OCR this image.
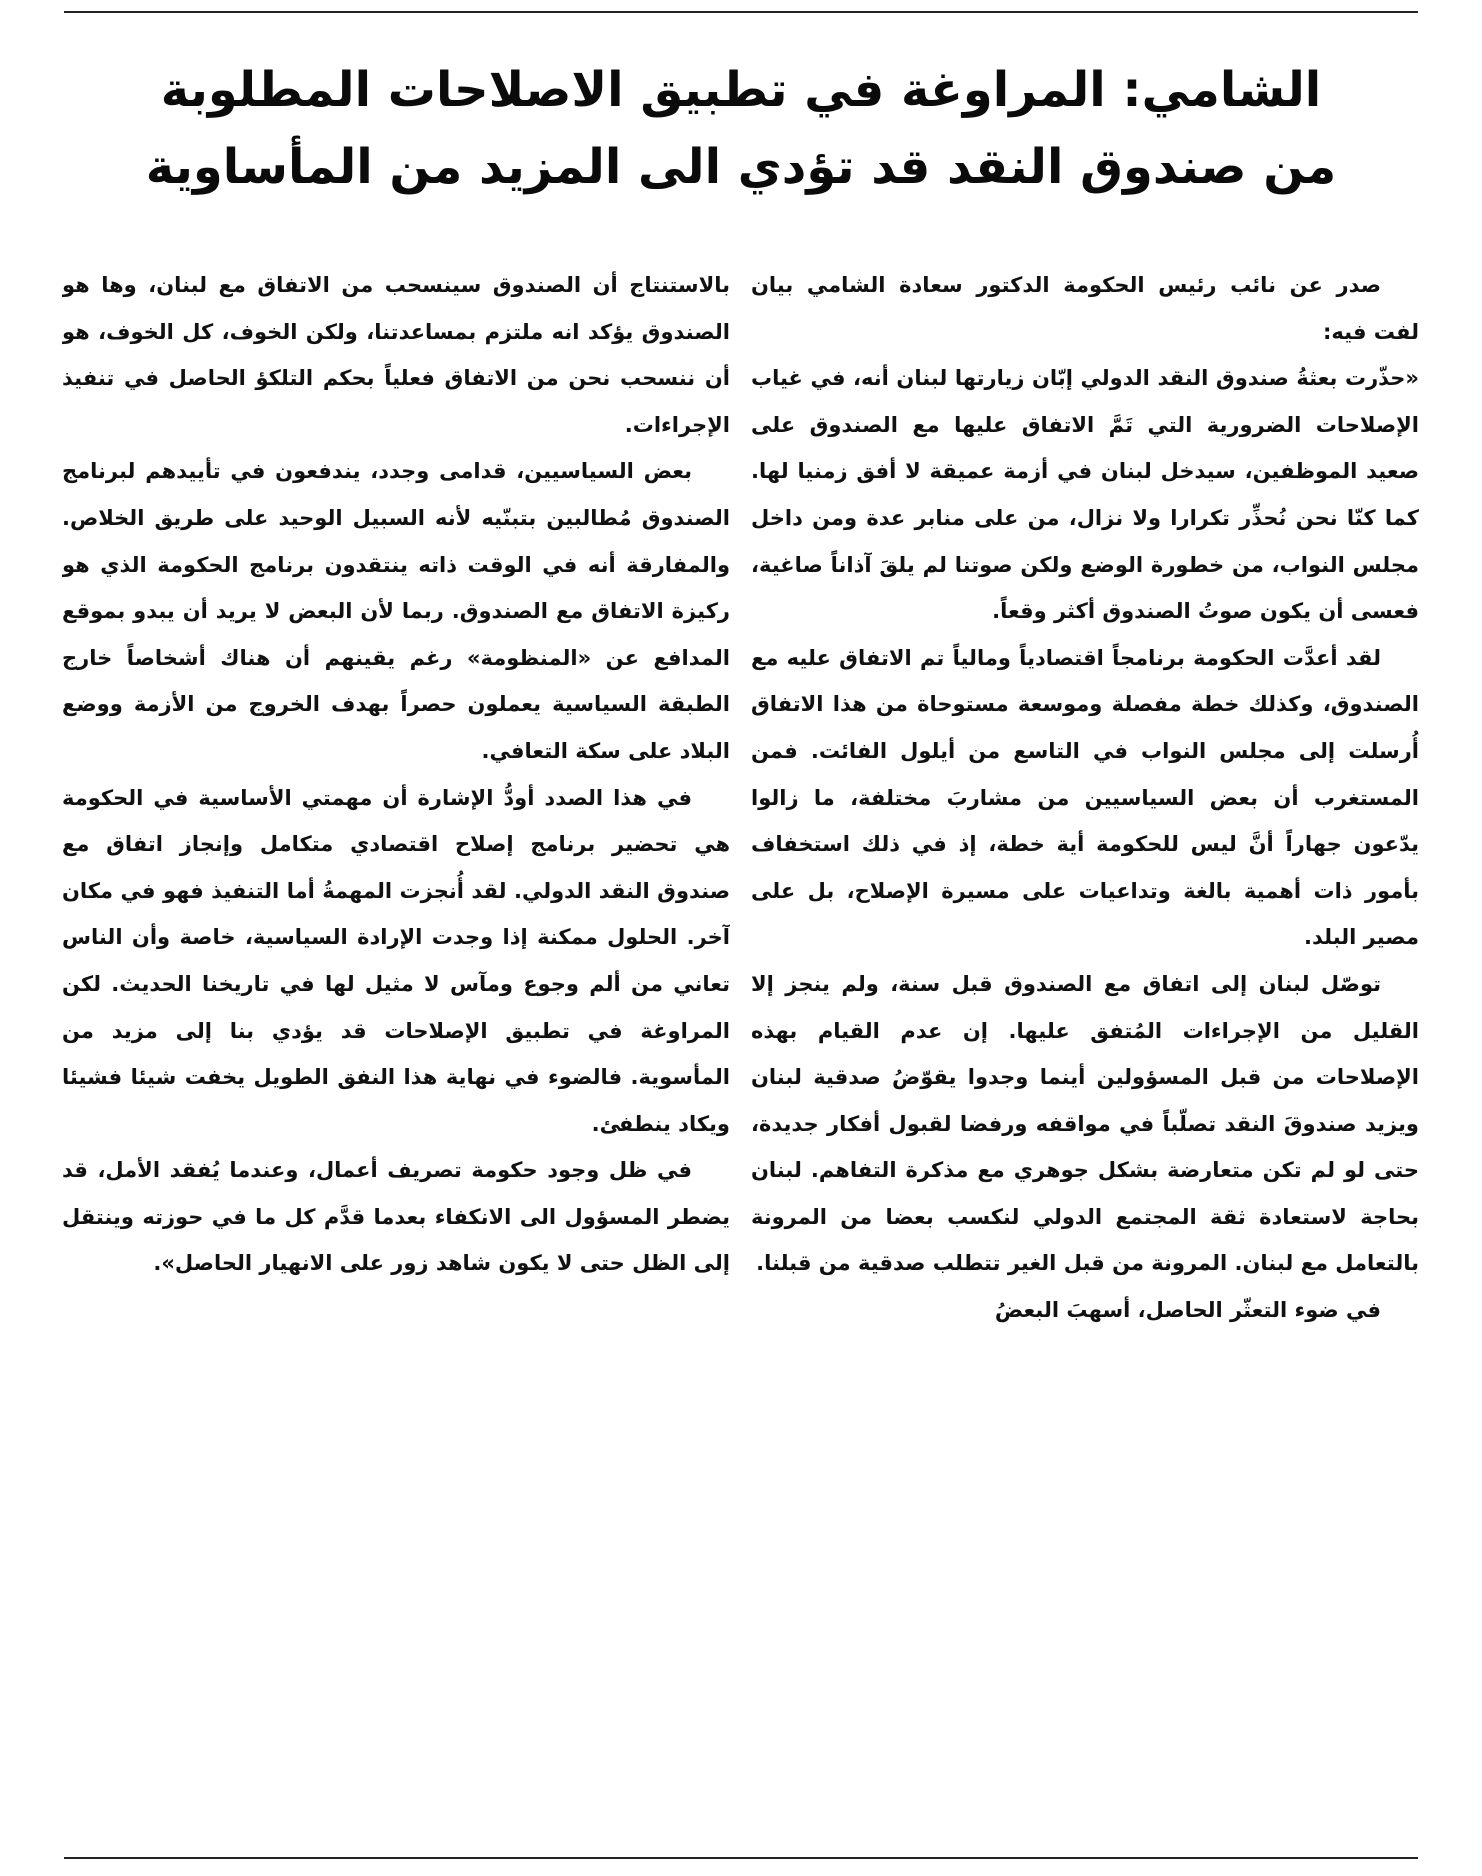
الشامي: المراوغة في تطبيق الاصلاحات المطلوبة
من صندوق النقد قد تؤدي الى المزيد من المأساوية

صدر عن نائب رئيس الحكومة الدكتور سعادة الشامي بيان لفت فيه:

«حذّرت بعثةُ صندوق النقد الدولي إبّان زيارتها لبنان أنه، في غياب الإصلاحات الضرورية التي تَمَّ الاتفاق عليها مع الصندوق على صعيد الموظفين، سيدخل لبنان في أزمة عميقة لا أفق زمنيا لها. كما كنّا نحن نُحذِّر تكرارا ولا نزال، من على منابر عدة ومن داخل مجلس النواب، من خطورة الوضع ولكن صوتنا لم يلقَ آذاناً صاغية، فعسى أن يكون صوتُ الصندوق أكثر وقعاً.

لقد أعدَّت الحكومة برنامجاً اقتصادياً ومالياً تم الاتفاق عليه مع الصندوق، وكذلك خطة مفصلة وموسعة مستوحاة من هذا الاتفاق أُرسلت إلى مجلس النواب في التاسع من أيلول الفائت. فمن المستغرب أن بعض السياسيين من مشاربَ مختلفة، ما زالوا يدّعون جهاراً أنَّ ليس للحكومة أية خطة، إذ في ذلك استخفاف بأمور ذات أهمية بالغة وتداعيات على مسيرة الإصلاح، بل على مصير البلد.

توصّل لبنان إلى اتفاق مع الصندوق قبل سنة، ولم ينجز إلا القليل من الإجراءات المُتفق عليها. إن عدم القيام بهذه الإصلاحات من قبل المسؤولين أينما وجدوا يقوّضُ صدقية لبنان ويزيد صندوقَ النقد تصلّباً في مواقفه ورفضا لقبول أفكار جديدة، حتى لو لم تكن متعارضة بشكل جوهري مع مذكرة التفاهم. لبنان بحاجة لاستعادة ثقة المجتمع الدولي لنكسب بعضا من المرونة بالتعامل مع لبنان. المرونة من قبل الغير تتطلب صدقية من قبلنا.

في ضوء التعثّر الحاصل، أسهبَ البعضُ

بالاستنتاج أن الصندوق سينسحب من الاتفاق مع لبنان، وها هو الصندوق يؤكد انه ملتزم بمساعدتنا، ولكن الخوف، كل الخوف، هو أن ننسحب نحن من الاتفاق فعلياً بحكم التلكؤ الحاصل في تنفيذ الإجراءات.

بعض السياسيين، قدامى وجدد، يندفعون في تأييدهم لبرنامج الصندوق مُطالبين بتبنّيه لأنه السبيل الوحيد على طريق الخلاص. والمفارقة أنه في الوقت ذاته ينتقدون برنامج الحكومة الذي هو ركيزة الاتفاق مع الصندوق. ربما لأن البعض لا يريد أن يبدو بموقع المدافع عن «المنظومة» رغم يقينهم أن هناك أشخاصاً خارج الطبقة السياسية يعملون حصراً بهدف الخروج من الأزمة ووضع البلاد على سكة التعافي.

في هذا الصدد أودُّ الإشارة أن مهمتي الأساسية في الحكومة هي تحضير برنامج إصلاح اقتصادي متكامل وإنجاز اتفاق مع صندوق النقد الدولي. لقد أُنجزت المهمةُ أما التنفيذ فهو في مكان آخر. الحلول ممكنة إذا وجدت الإرادة السياسية، خاصة وأن الناس تعاني من ألم وجوع ومآس لا مثيل لها في تاريخنا الحديث. لكن المراوغة في تطبيق الإصلاحات قد يؤدي بنا إلى مزيد من المأسوية. فالضوء في نهاية هذا النفق الطويل يخفت شيئا فشيئا ويكاد ينطفئ.

في ظل وجود حكومة تصريف أعمال، وعندما يُفقد الأمل، قد يضطر المسؤول الى الانكفاء بعدما قدَّم كل ما في حوزته وينتقل إلى الظل حتى لا يكون شاهد زور على الانهيار الحاصل».
